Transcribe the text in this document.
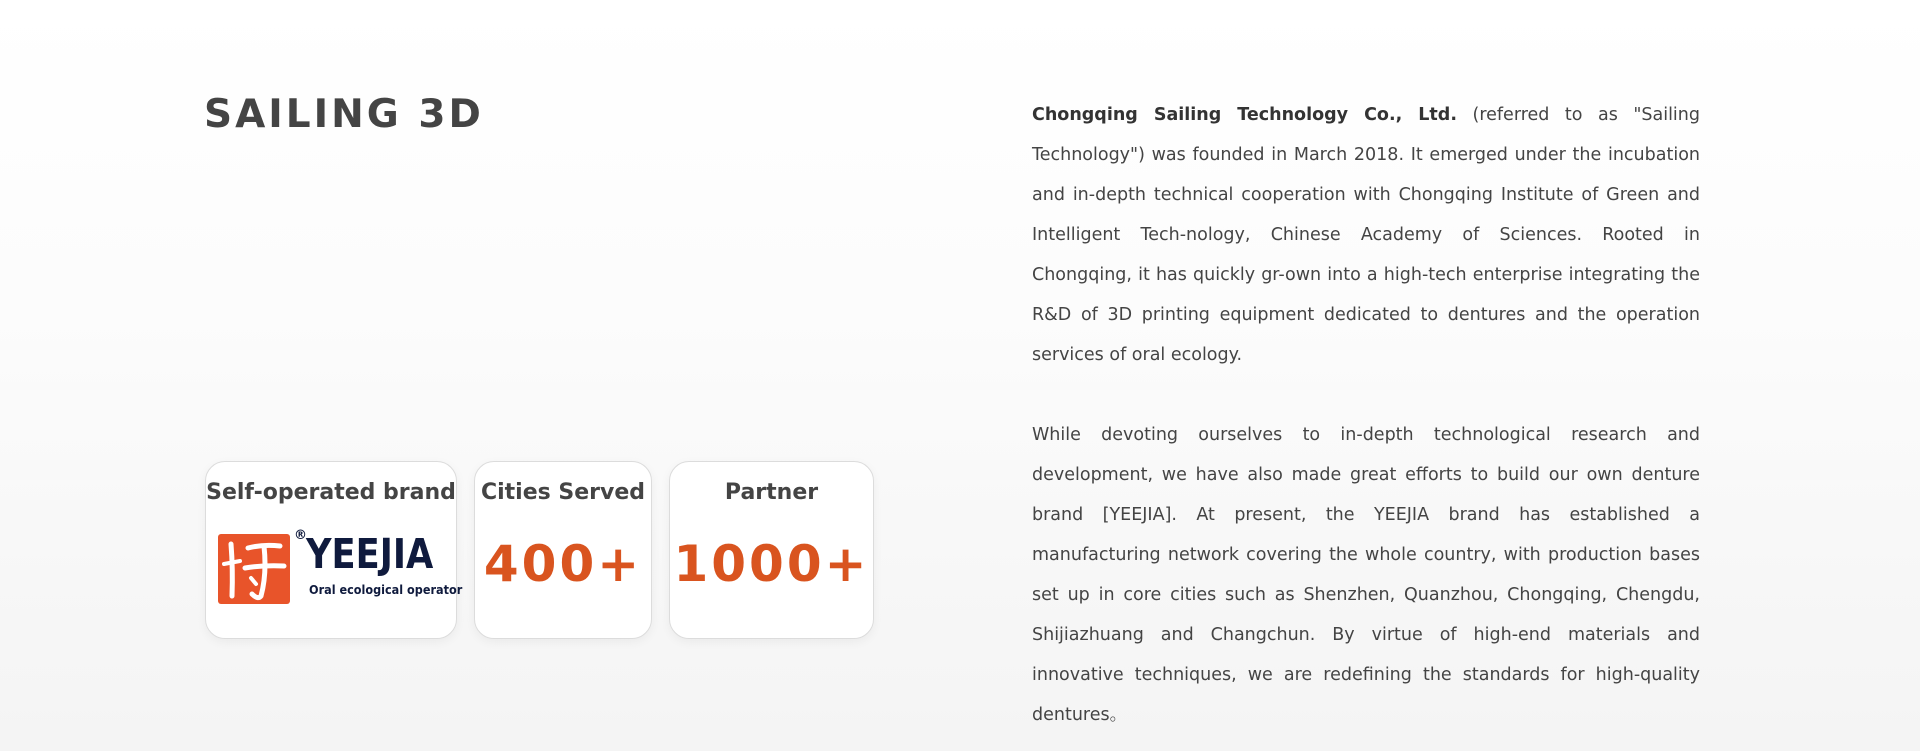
SAILING 3D
Self-operated brand
® YEEJIA
Oral ecological operator
Cities Served
400+
Partner
1000+

Chongqing Sailing Technology Co., Ltd. (referred to as "Sailing Technology") was founded in March 2018. It emerged under the incubation and in-depth technical cooperation with Chongqing Institute of Green and Intelligent Tech-nology, Chinese Academy of Sciences. Rooted in Chongqing, it has quickly gr-own into a high-tech enterprise integrating the R&D of 3D printing equipment dedicated to dentures and the operation services of oral ecology.

While devoting ourselves to in-depth technological research and development, we have also made great efforts to build our own denture brand [YEEJIA]. At present, the YEEJIA brand has established a manufacturing network covering the whole country, with production bases set up in core cities such as Shenzhen, Quanzhou, Chongqing, Chengdu, Shijiazhuang and Changchun. By virtue of high-end materials and innovative techniques, we are redefining the standards for high-quality dentures。
